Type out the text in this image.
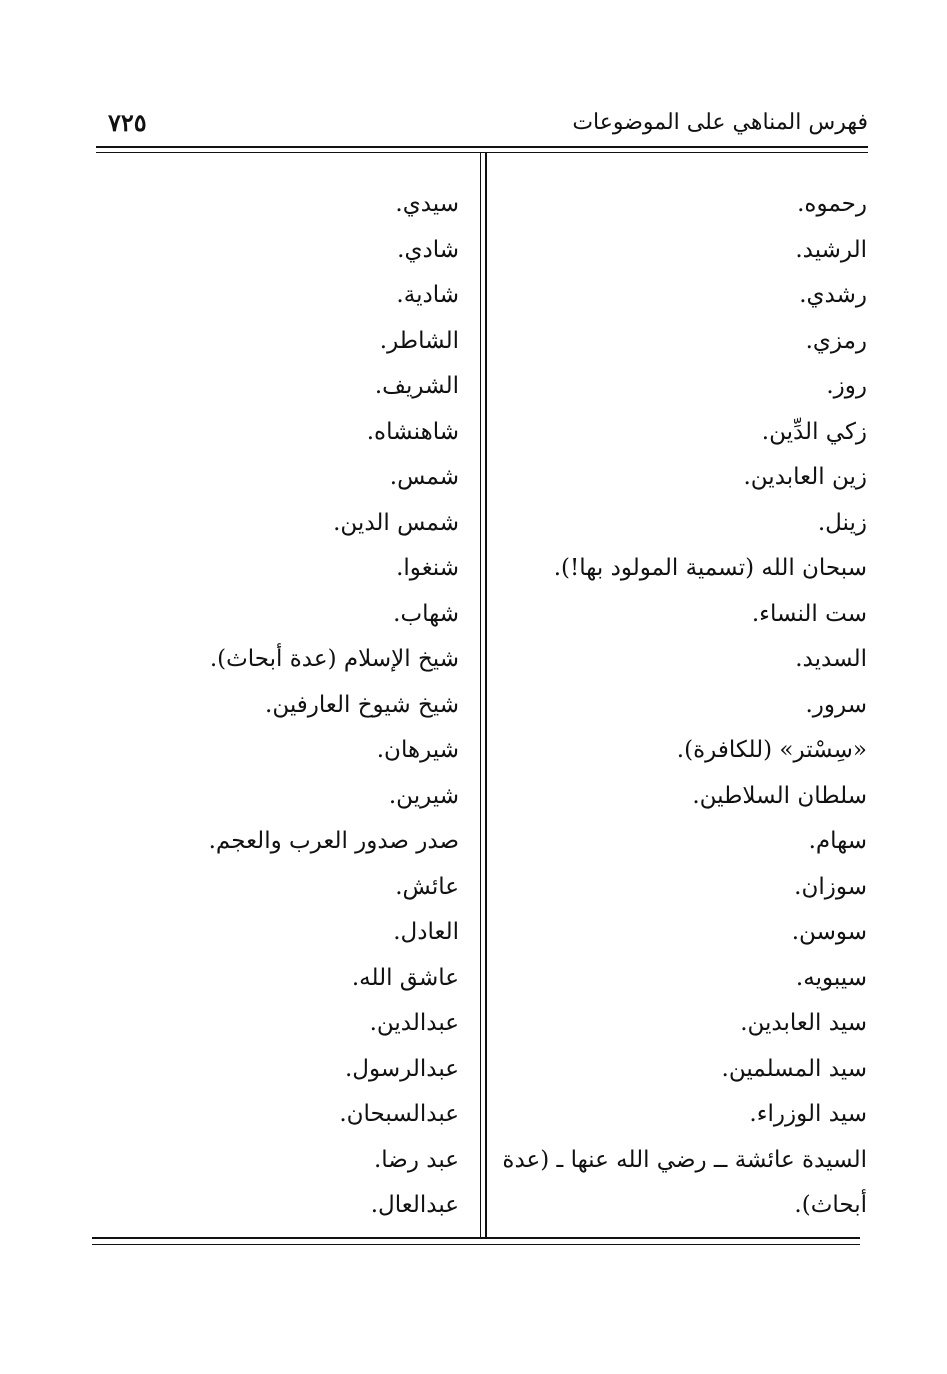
فهرس المناهي على الموضوعات
٧٢٥
رحموه.
الرشيد.
رشدي.
رمزي.
روز.
زكي الدِّين.
زين العابدين.
زينل.
سبحان الله (تسمية المولود بها!).
ست النساء.
السديد.
سرور.
«سِسْتر» (للكافرة).
سلطان السلاطين.
سهام.
سوزان.
سوسن.
سيبويه.
سيد العابدين.
سيد المسلمين.
سيد الوزراء.
السيدة عائشة ــ رضي الله عنها ـ (عدة أبحاث).
سيدي.
شادي.
شادية.
الشاطر.
الشريف.
شاهنشاه.
شمس.
شمس الدين.
شنغوا.
شهاب.
شيخ الإسلام (عدة أبحاث).
شيخ شيوخ العارفين.
شيرهان.
شيرين.
صدر صدور العرب والعجم.
عائش.
العادل.
عاشق الله.
عبدالدين.
عبدالرسول.
عبدالسبحان.
عبد رضا.
عبدالعال.
